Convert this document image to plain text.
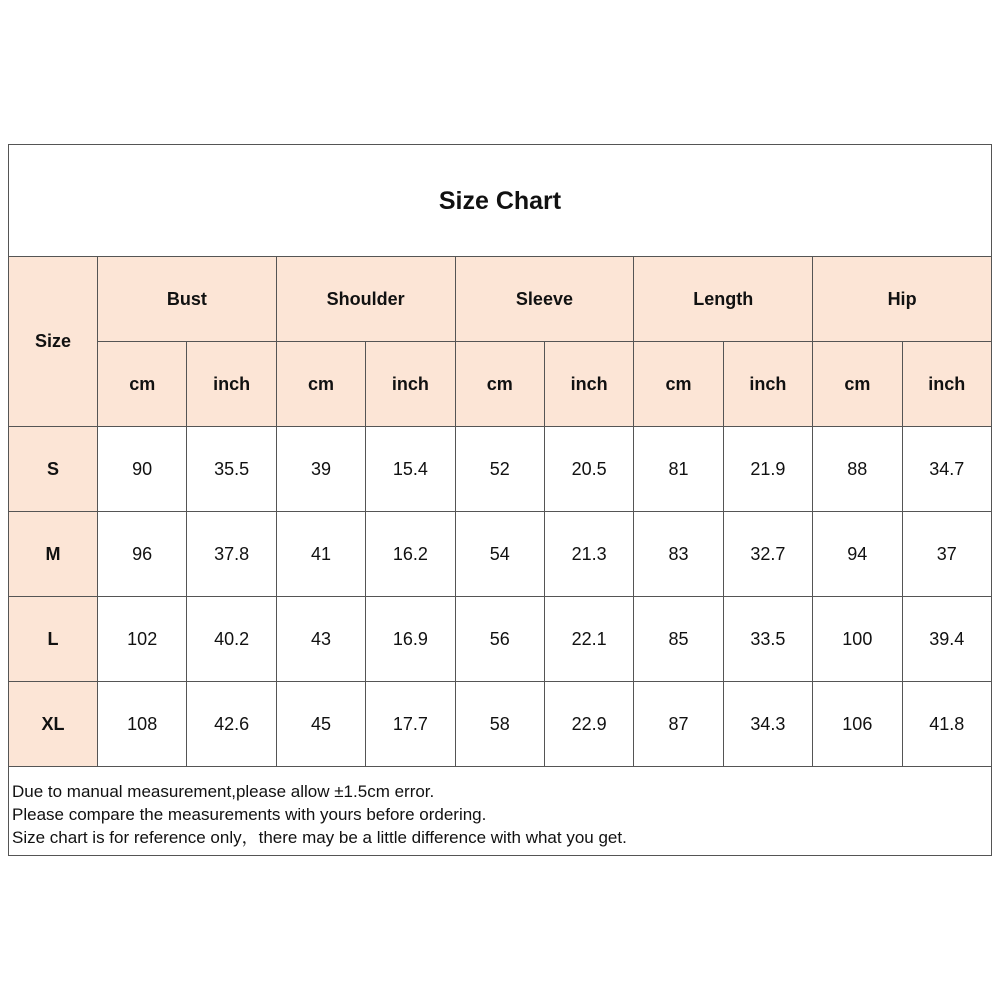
Size Chart
Size	Bust		Shoulder		Sleeve		Length		Hip	
	cm	inch	cm	inch	cm	inch	cm	inch	cm	inch
S	90	35.5	39	15.4	52	20.5	81	21.9	88	34.7
M	96	37.8	41	16.2	54	21.3	83	32.7	94	37
L	102	40.2	43	16.9	56	22.1	85	33.5	100	39.4
XL	108	42.6	45	17.7	58	22.9	87	34.3	106	41.8
Due to manual measurement,please allow ±1.5cm error.
Please compare the measurements with yours before ordering.
Size chart is for reference only，there may be a little difference with what you get.
